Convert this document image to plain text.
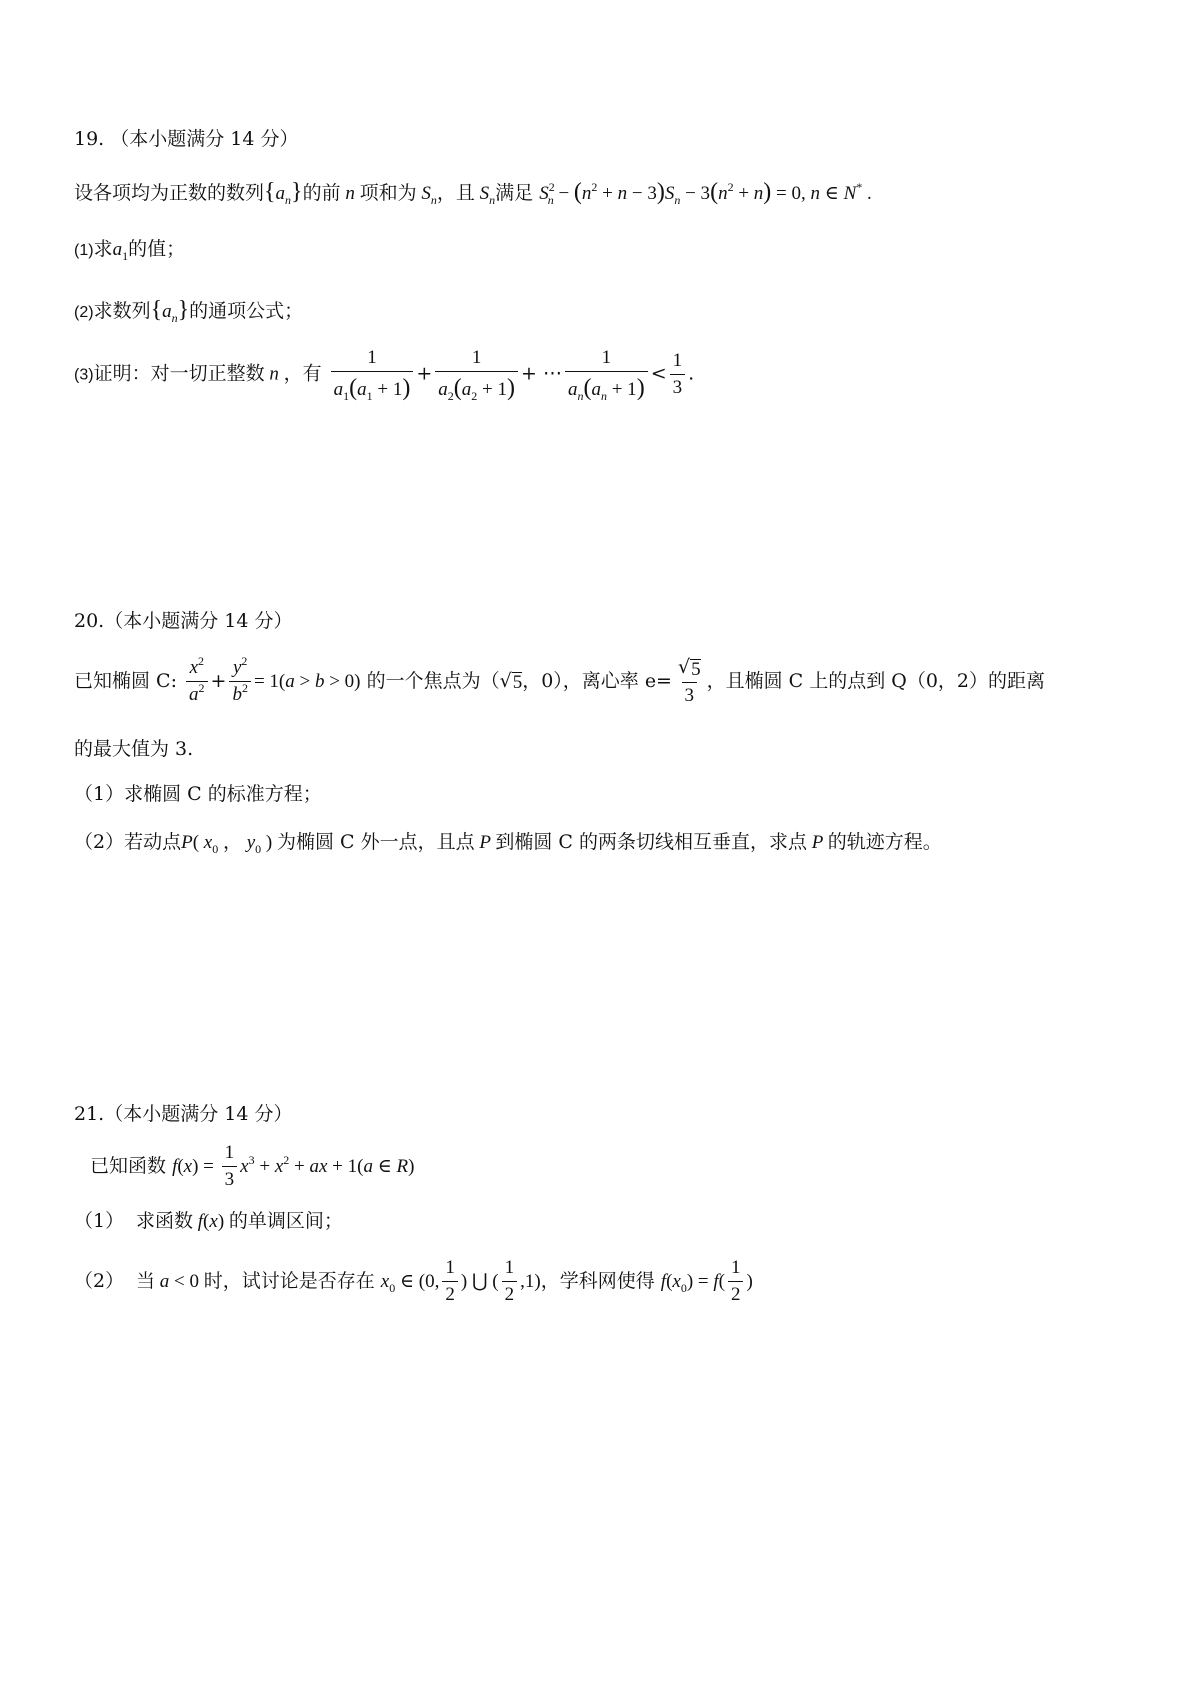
19. （本小题满分 14 分）
设各项均为正数的数列$\{a_n\}$的前 n 项和为 $S_n$，且 $S_n$满足 $S^2_n - (n^2 + n - 3)S_n - 3(n^2 + n) = 0$, n ∈ N* .
(1)求$a_1$的值；
(2)求数列$\{a_n\}$的通项公式；
(3)证明：对一切正整数 n ，有 $\frac{1}{a_1(a_1 + 1)} + \frac{1}{a_2(a_2 + 1)}$ + ⋯ $\frac{1}{a_n(a_n + 1)} < \frac{1}{3}$ .
20.（本小题满分 14 分）
已知椭圆 C: $\frac{x^2}{a^2} + \frac{y^2}{b^2} = 1(a > b > 0)$ 的一个焦点为（ √ 5 ，0），离心率 $e= \frac{√ 5}{3}$ ，且椭圆 C 上的点到 Q（0，2）的距离
的最大值为 3.
（1）求椭圆 C 的标准方程；
（2）若动点P( $x_0$ ， $y_0$ ) 为椭圆 C 外一点，且点 P 到椭圆 C 的两条切线相互垂直，求点 P 的轨迹方程。
21.（本小题满分 14 分）
已知函数 $f(x) = \frac{1}{3} x^3 + x^2$ + ax + 1(a ∈ R)
（1） 求函数 f(x) 的单调区间；
（2） 当 a < 0 时，试讨论是否存在 $x_0$ ∈ (0, $\frac{1}{2}$ ) ⋃ ( $\frac{1}{2} ,1$)，学科网使得 $f(x_0) = f( \frac{1}{2}$ )
